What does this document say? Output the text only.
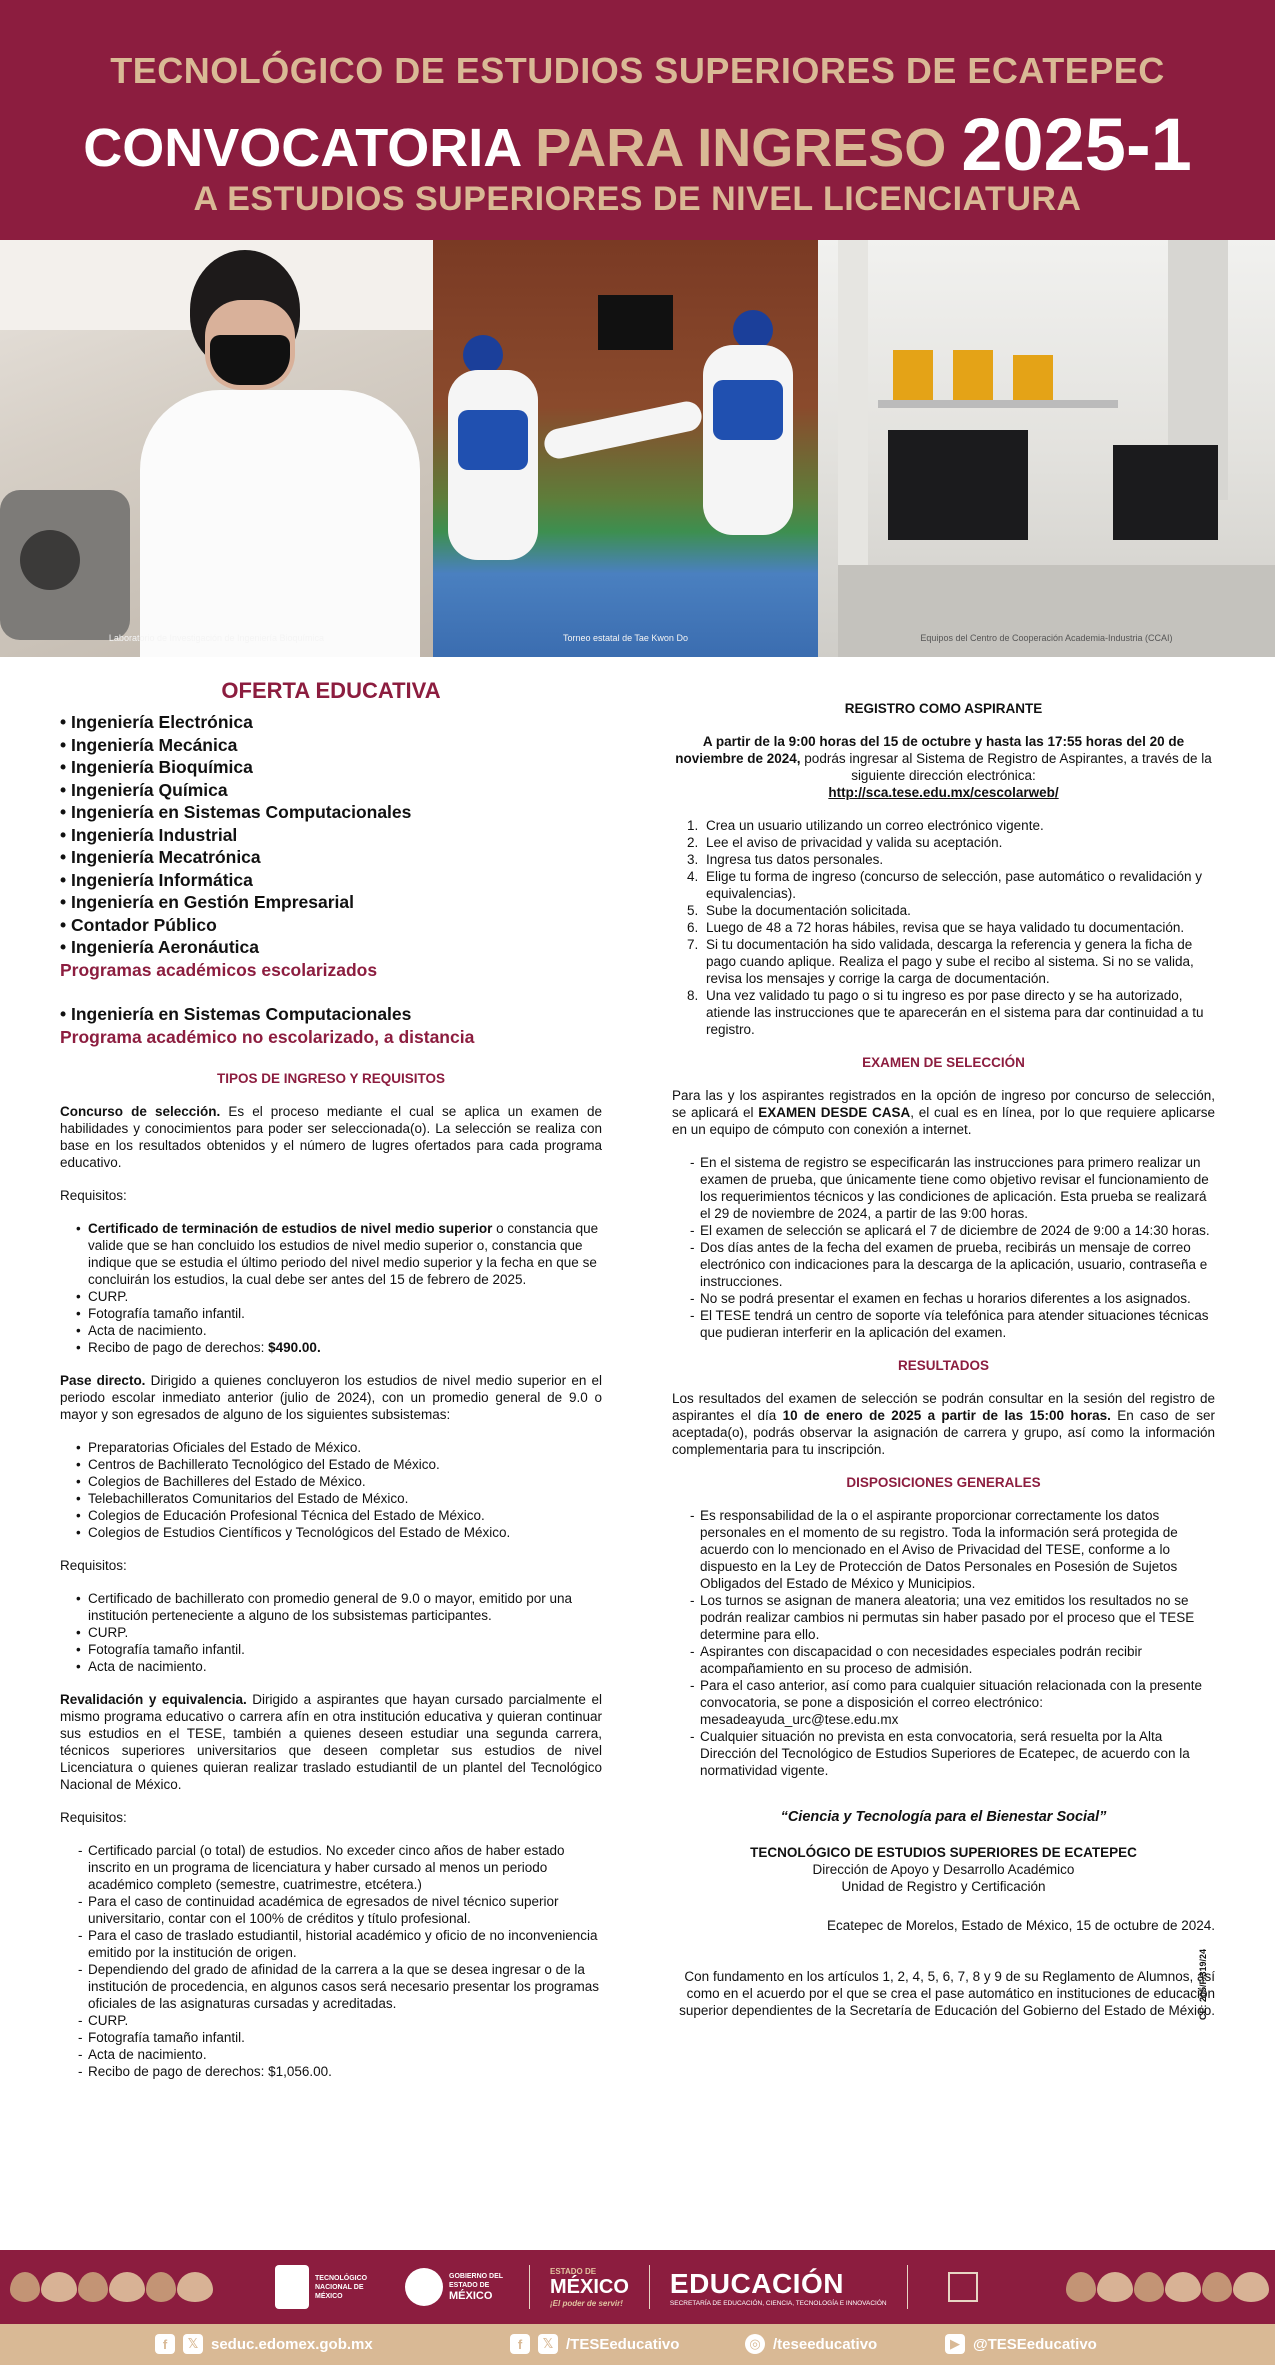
TECNOLÓGICO DE ESTUDIOS SUPERIORES DE ECATEPEC
CONVOCATORIA PARA INGRESO 2025-1
A ESTUDIOS SUPERIORES DE NIVEL LICENCIATURA
Laboratorio de Investigación de Ingeniería Bioquímica	Torneo estatal de Tae Kwon Do	Equipos del Centro de Cooperación Academia-Industria (CCAI)
OFERTA EDUCATIVA
• Ingeniería Electrónica
• Ingeniería Mecánica
• Ingeniería Bioquímica
• Ingeniería Química
• Ingeniería en Sistemas Computacionales
• Ingeniería Industrial
• Ingeniería Mecatrónica
• Ingeniería Informática
• Ingeniería en Gestión Empresarial
• Contador Público
• Ingeniería Aeronáutica
Programas académicos escolarizados
• Ingeniería en Sistemas Computacionales
Programa académico no escolarizado, a distancia
TIPOS DE INGRESO Y REQUISITOS

Concurso de selección. Es el proceso mediante el cual se aplica un examen de habilidades y conocimientos para poder ser seleccionada(o). La selección se realiza con base en los resultados obtenidos y el número de lugres ofertados para cada programa educativo.

Requisitos:
• Certificado de terminación de estudios de nivel medio superior o constancia que valide que se han concluido los estudios de nivel medio superior o, constancia que indique que se estudia el último periodo del nivel medio superior y la fecha en que se concluirán los estudios, la cual debe ser antes del 15 de febrero de 2025.
• CURP.
• Fotografía tamaño infantil.
• Acta de nacimiento.
• Recibo de pago de derechos: $490.00.

Pase directo. Dirigido a quienes concluyeron los estudios de nivel medio superior en el periodo escolar inmediato anterior (julio de 2024), con un promedio general de 9.0 o mayor y son egresados de alguno de los siguientes subsistemas:

• Preparatorias Oficiales del Estado de México.
• Centros de Bachillerato Tecnológico del Estado de México.
• Colegios de Bachilleres del Estado de México.
• Telebachilleratos Comunitarios del Estado de México.
• Colegios de Educación Profesional Técnica del Estado de México.
• Colegios de Estudios Científicos y Tecnológicos del Estado de México.
Requisitos:
• Certificado de bachillerato con promedio general de 9.0 o mayor, emitido por una institución perteneciente a alguno de los subsistemas participantes.
• CURP.
• Fotografía tamaño infantil.
• Acta de nacimiento.

Revalidación y equivalencia. Dirigido a aspirantes que hayan cursado parcialmente el mismo programa educativo o carrera afín en otra institución educativa y quieran continuar sus estudios en el TESE, también a quienes deseen estudiar una segunda carrera, técnicos superiores universitarios que deseen completar sus estudios de nivel Licenciatura o quienes quieran realizar traslado estudiantil de un plantel del Tecnológico Nacional de México.

Requisitos:
- Certificado parcial (o total) de estudios. No exceder cinco años de haber estado inscrito en un programa de licenciatura y haber cursado al menos un periodo académico completo (semestre, cuatrimestre, etcétera.)
- Para el caso de continuidad académica de egresados de nivel técnico superior universitario, contar con el 100% de créditos y título profesional.
- Para el caso de traslado estudiantil, historial académico y oficio de no inconveniencia emitido por la institución de origen.
- Dependiendo del grado de afinidad de la carrera a la que se desea ingresar o de la institución de procedencia, en algunos casos será necesario presentar los programas oficiales de las asignaturas cursadas y acreditadas.
- CURP.
- Fotografía tamaño infantil.
- Acta de nacimiento.
- Recibo de pago de derechos: $1,056.00.
REGISTRO COMO ASPIRANTE

A partir de la 9:00 horas del 15 de octubre y hasta las 17:55 horas del 20 de noviembre de 2024, podrás ingresar al Sistema de Registro de Aspirantes, a través de la siguiente dirección electrónica:
http://sca.tese.edu.mx/cescolarweb/

1. Crea un usuario utilizando un correo electrónico vigente.
2. Lee el aviso de privacidad y valida su aceptación.
3. Ingresa tus datos personales.
4. Elige tu forma de ingreso (concurso de selección, pase automático o revalidación y equivalencias).
5. Sube la documentación solicitada.
6. Luego de 48 a 72 horas hábiles, revisa que se haya validado tu documentación.
7. Si tu documentación ha sido validada, descarga la referencia y genera la ficha de pago cuando aplique. Realiza el pago y sube el recibo al sistema. Si no se valida, revisa los mensajes y corrige la carga de documentación.
8. Una vez validado tu pago o si tu ingreso es por pase directo y se ha autorizado, atiende las instrucciones que te aparecerán en el sistema para dar continuidad a tu registro.
EXAMEN DE SELECCIÓN

Para las y los aspirantes registrados en la opción de ingreso por concurso de selección, se aplicará el EXAMEN DESDE CASA, el cual es en línea, por lo que requiere aplicarse en un equipo de cómputo con conexión a internet.

- En el sistema de registro se especificarán las instrucciones para primero realizar un examen de prueba, que únicamente tiene como objetivo revisar el funcionamiento de los requerimientos técnicos y las condiciones de aplicación. Esta prueba se realizará el 29 de noviembre de 2024, a partir de las 9:00 horas.
- El examen de selección se aplicará el 7 de diciembre de 2024 de 9:00 a 14:30 horas.
- Dos días antes de la fecha del examen de prueba, recibirás un mensaje de correo electrónico con indicaciones para la descarga de la aplicación, usuario, contraseña e instrucciones.
- No se podrá presentar el examen en fechas u horarios diferentes a los asignados.
- El TESE tendrá un centro de soporte vía telefónica para atender situaciones técnicas que pudieran interferir en la aplicación del examen.
RESULTADOS

Los resultados del examen de selección se podrán consultar en la sesión del registro de aspirantes el día 10 de enero de 2025 a partir de las 15:00 horas. En caso de ser aceptada(o), podrás observar la asignación de carrera y grupo, así como la información complementaria para tu inscripción.

DISPOSICIONES GENERALES
- Es responsabilidad de la o el aspirante proporcionar correctamente los datos personales en el momento de su registro. Toda la información será protegida de acuerdo con lo mencionado en el Aviso de Privacidad del TESE, conforme a lo dispuesto en la Ley de Protección de Datos Personales en Posesión de Sujetos Obligados del Estado de México y Municipios.
- Los turnos se asignan de manera aleatoria; una vez emitidos los resultados no se podrán realizar cambios ni permutas sin haber pasado por el proceso que el TESE determine para ello.
- Aspirantes con discapacidad o con necesidades especiales podrán recibir acompañamiento en su proceso de admisión.
- Para el caso anterior, así como para cualquier situación relacionada con la presente convocatoria, se pone a disposición el correo electrónico: mesadeayuda_urc@tese.edu.mx
- Cualquier situación no prevista en esta convocatoria, será resuelta por la Alta Dirección del Tecnológico de Estudios Superiores de Ecatepec, de acuerdo con la normatividad vigente.
“Ciencia y Tecnología para el Bienestar Social”
TECNOLÓGICO DE ESTUDIOS SUPERIORES DE ECATEPEC
Dirección de Apoyo y Desarrollo Académico
Unidad de Registro y Certificación
Ecatepec de Morelos, Estado de México, 15 de octubre de 2024.
Con fundamento en los artículos 1, 2, 4, 5, 6, 7, 8 y 9 de su Reglamento de Alumnos, así como en el acuerdo por el que se crea el pase automático en instituciones de educación superior dependientes de la Secretaría de Educación del Gobierno del Estado de México.
CE: 205/F/319/24
TECNOLÓGICO NACIONAL DE MÉXICO
GOBIERNO DEL ESTADO DE
MÉXICO
ESTADO DE
MÉXICO
¡El poder de servir!
EDUCACIÓN
SECRETARÍA DE EDUCACIÓN, CIENCIA, TECNOLOGÍA E INNOVACIÓN
f	𝕏 seduc.edomex.gob.mx	f	𝕏 /TESEeducativo	◎ /teseeducativo	▶ @TESEeducativo
